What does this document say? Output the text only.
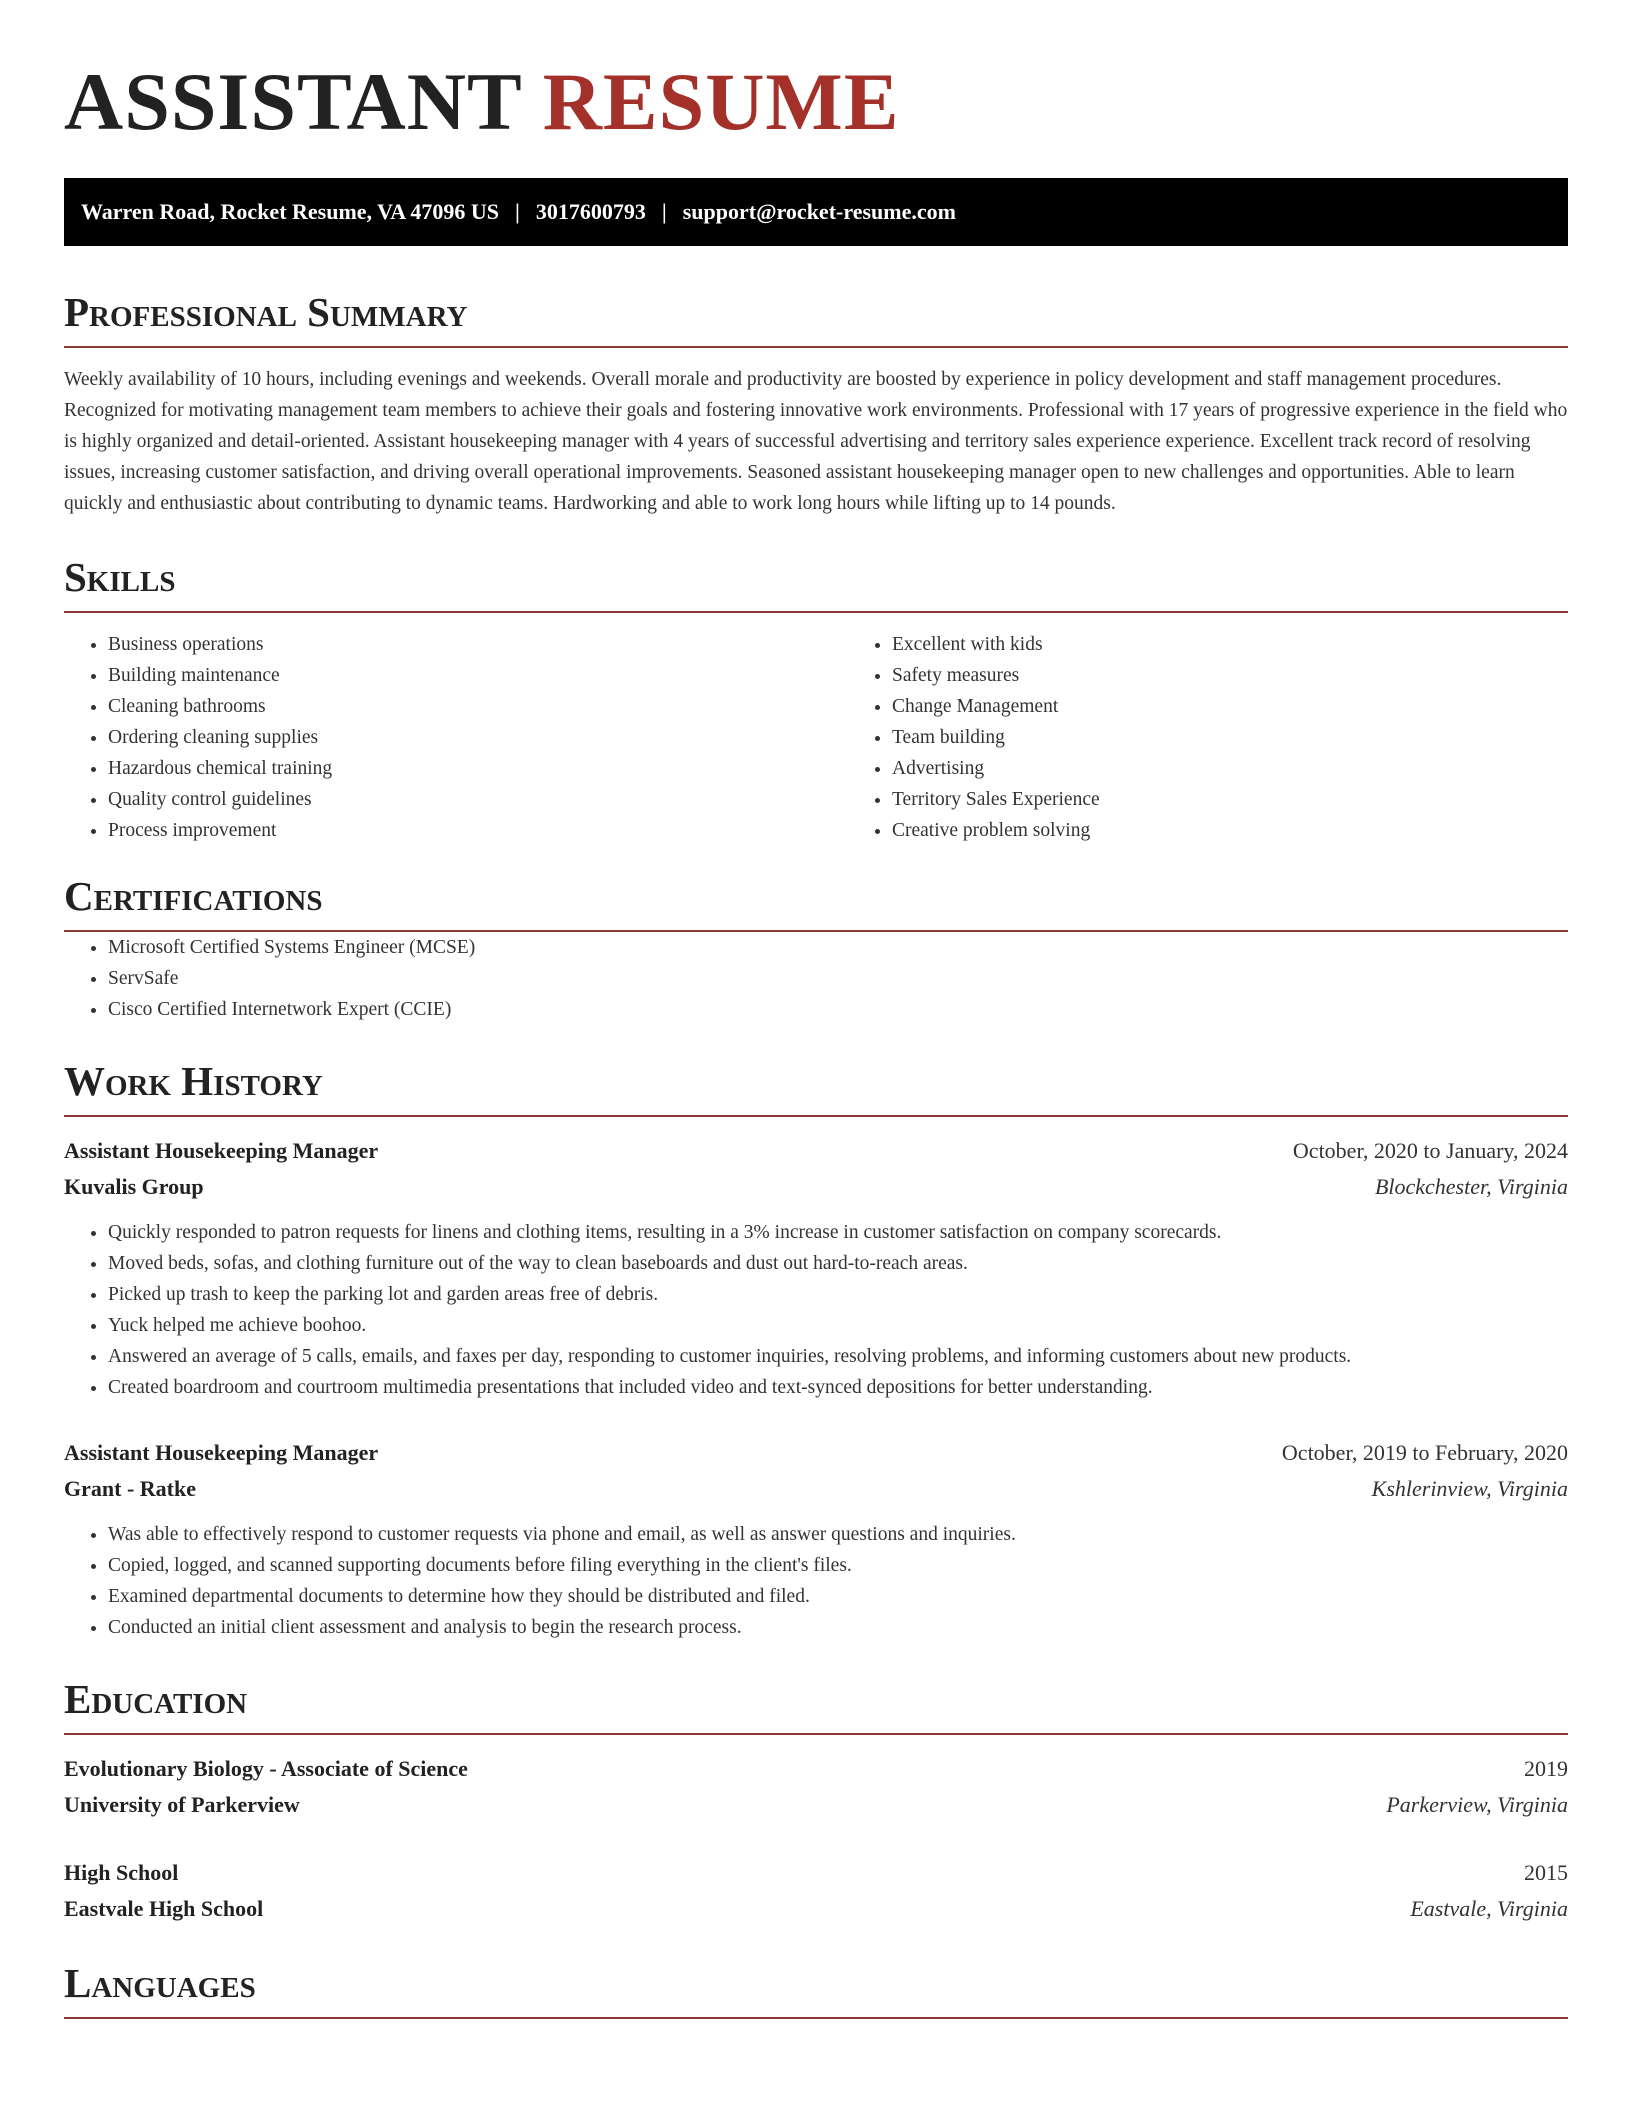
ASSISTANT RESUME
Warren Road, Rocket Resume, VA 47096 US | 3017600793 | support@rocket-resume.com
Professional Summary

Weekly availability of 10 hours, including evenings and weekends. Overall morale and productivity are boosted by experience in policy development and staff management procedures. Recognized for motivating management team members to achieve their goals and fostering innovative work environments. Professional with 17 years of progressive experience in the field who is highly organized and detail-oriented. Assistant housekeeping manager with 4 years of successful advertising and territory sales experience experience. Excellent track record of resolving issues, increasing customer satisfaction, and driving overall operational improvements. Seasoned assistant housekeeping manager open to new challenges and opportunities. Able to learn quickly and enthusiastic about contributing to dynamic teams. Hardworking and able to work long hours while lifting up to 14 pounds.

Skills
• Business operations
• Building maintenance
• Cleaning bathrooms
• Ordering cleaning supplies
• Hazardous chemical training
• Quality control guidelines
• Process improvement
• Excellent with kids
• Safety measures
• Change Management
• Team building
• Advertising
• Territory Sales Experience
• Creative problem solving
Certifications
• Microsoft Certified Systems Engineer (MCSE)
• ServSafe
• Cisco Certified Internetwork Expert (CCIE)
Work History
Assistant Housekeeping Manager	October, 2020 to January, 2024
Kuvalis Group	Blockchester, Virginia
• Quickly responded to patron requests for linens and clothing items, resulting in a 3% increase in customer satisfaction on company scorecards.
• Moved beds, sofas, and clothing furniture out of the way to clean baseboards and dust out hard-to-reach areas.
• Picked up trash to keep the parking lot and garden areas free of debris.
• Yuck helped me achieve boohoo.
• Answered an average of 5 calls, emails, and faxes per day, responding to customer inquiries, resolving problems, and informing customers about new products.
• Created boardroom and courtroom multimedia presentations that included video and text-synced depositions for better understanding.
Assistant Housekeeping Manager	October, 2019 to February, 2020
Grant - Ratke	Kshlerinview, Virginia
• Was able to effectively respond to customer requests via phone and email, as well as answer questions and inquiries.
• Copied, logged, and scanned supporting documents before filing everything in the client's files.
• Examined departmental documents to determine how they should be distributed and filed.
• Conducted an initial client assessment and analysis to begin the research process.
Education
Evolutionary Biology - Associate of Science	2019
University of Parkerview	Parkerview, Virginia
High School	2015
Eastvale High School	Eastvale, Virginia
Languages
